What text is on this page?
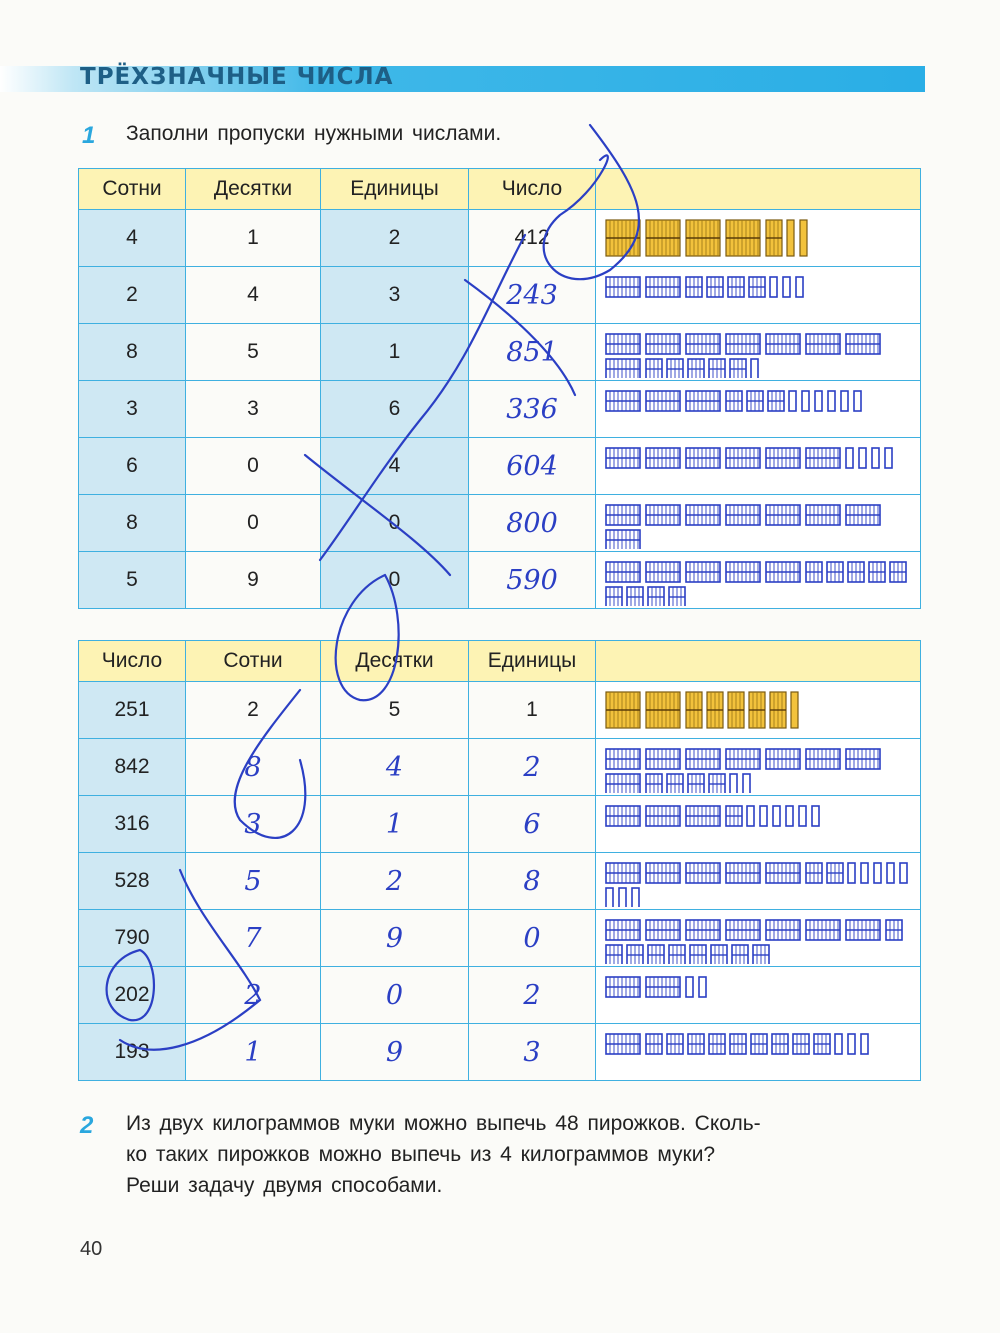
ТРЁХЗНАЧНЫЕ ЧИСЛА
1 Заполни пропуски нужными числами.
Сотни	Десятки	Единицы	Число	
4	1	2	412	

2	4	3	243	

8	5	1	851	

3	3	6	336	

6	0	4	604	

8	0	0	800	

5	9	0	590	
Число	Сотни	Десятки	Единицы	
251	2	5	1	

842	8	4	2	

316	3	1	6	

528	5	2	8	

790	7	9	0	

202	2	0	2	

193	1	9	3	
2 Из двух килограммов муки можно выпечь 48 пирожков. Сколь-
ко таких пирожков можно выпечь из 4 килограммов муки?
Реши задачу двумя способами.
40
